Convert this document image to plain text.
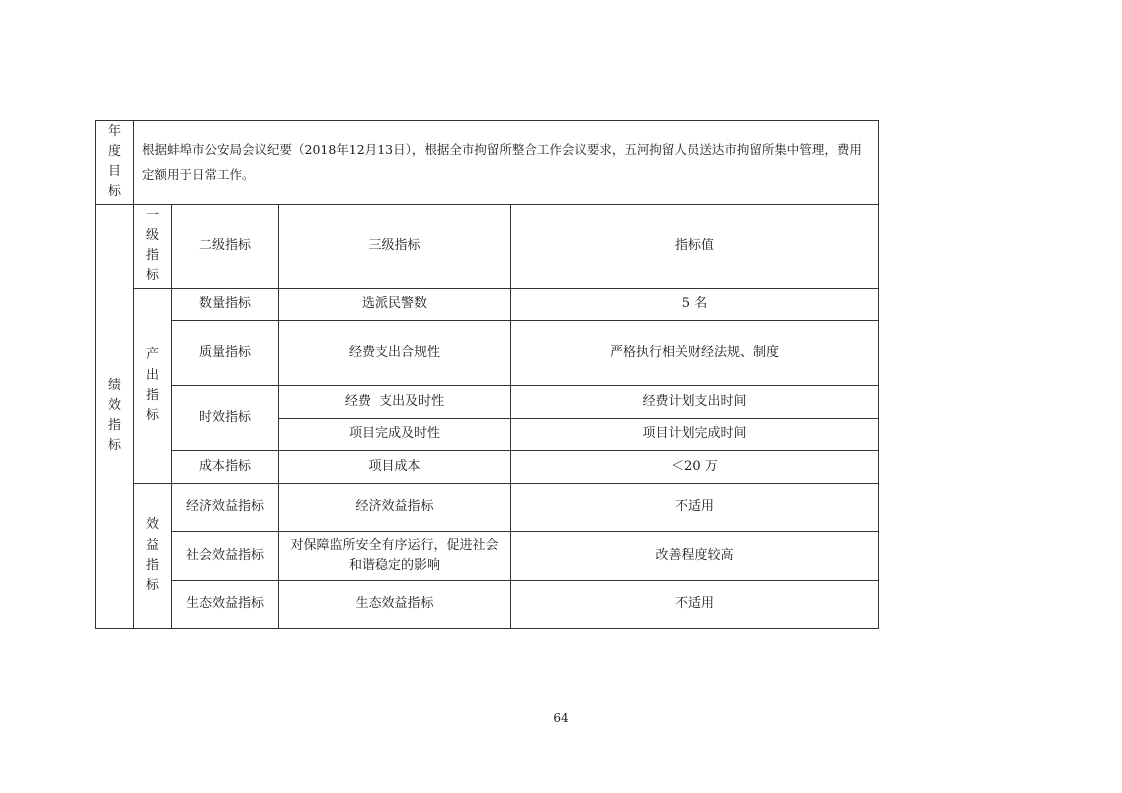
年度目标	根据蚌埠市公安局会议纪要（2018年12月13日），根据全市拘留所整合工作会议要求，五河拘留人员送达市拘留所集中管理，费用定额用于日常工作。			
绩效指标	一级指标	二级指标	三级指标	指标值
	产出指标	数量指标	选派民警数	5 名
		质量指标	经费支出合规性	严格执行相关财经法规、制度
		时效指标	经费  支出及时性	经费计划支出时间
			项目完成及时性	项目计划完成时间
		成本指标	项目成本	＜20 万
	效益指标	经济效益指标	经济效益指标	不适用
		社会效益指标	对保障监所安全有序运行，促进社会和谐稳定的影响	改善程度较高
		生态效益指标	生态效益指标	不适用
64
